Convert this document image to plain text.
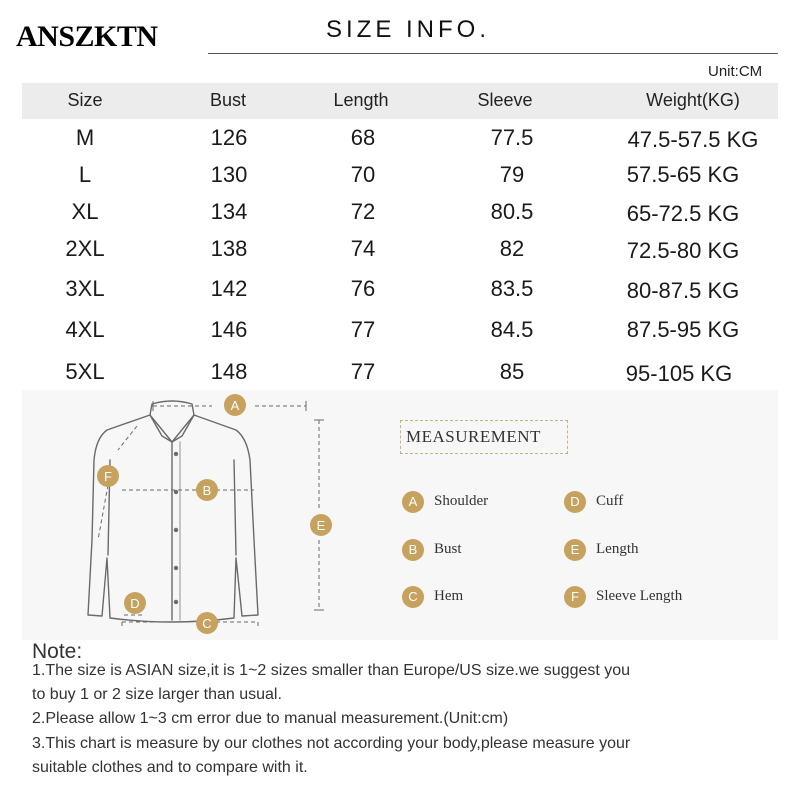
ANSZKTN	SIZE INFO.
Unit:CM
Size	Bust	Length	Sleeve	Weight(KG)
M	126	68	77.5	47.5-57.5 KG
L	130	70	79	57.5-65 KG
XL	134	72	80.5	65-72.5 KG
2XL	138	74	82	72.5-80 KG
3XL	142	76	83.5	80-87.5 KG
4XL	146	77	84.5	87.5-95 KG
5XL	148	77	85	95-105 KG
A
B
C
D
E
F
MEASUREMENT
A	Shoulder
B	Bust
C	Hem
D	Cuff
E	Length
F	Sleeve Length
Note:
1.The size is ASIAN size,it is 1~2 sizes smaller than Europe/US size.we suggest you
to buy 1 or 2 size larger than usual.
2.Please allow 1~3 cm error due to manual measurement.(Unit:cm)
3.This chart is measure by our clothes not according your body,please measure your
suitable clothes and to compare with it.
